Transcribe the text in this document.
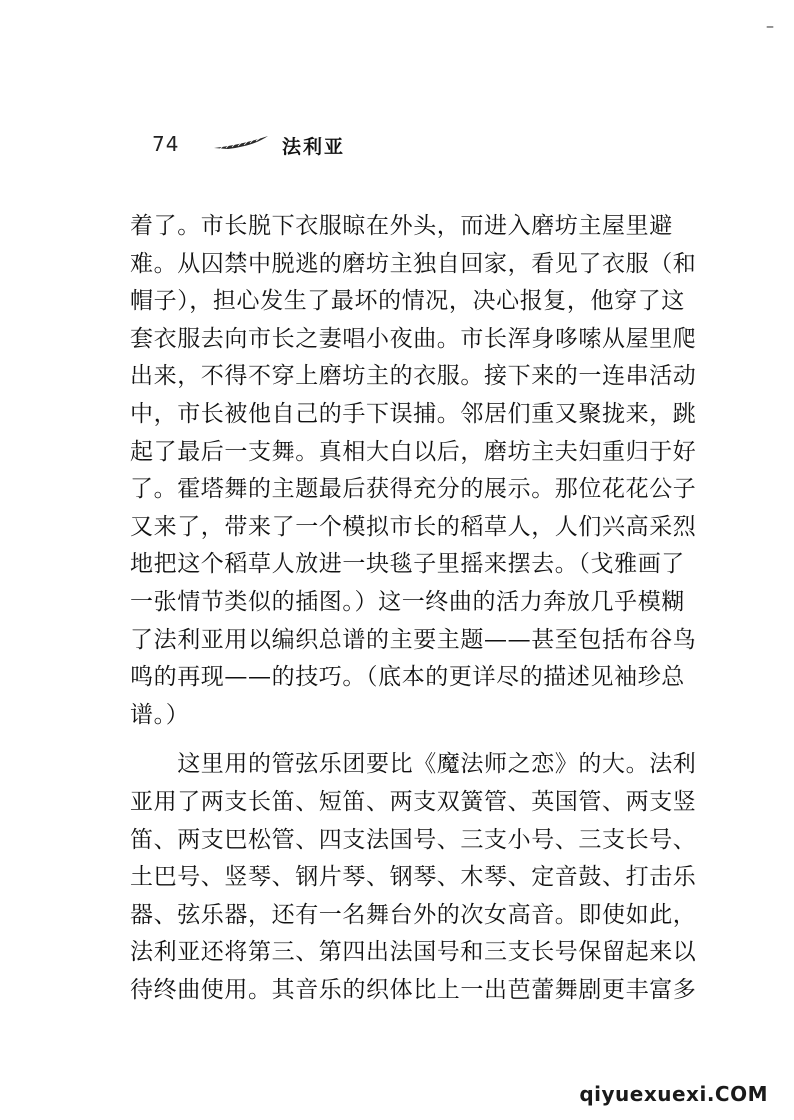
–
74	法利亚
着了。市长脱下衣服晾在外头，而进入磨坊主屋里避
难。从囚禁中脱逃的磨坊主独自回家，看见了衣服（和
帽子），担心发生了最坏的情况，决心报复，他穿了这
套衣服去向市长之妻唱小夜曲。市长浑身哆嗦从屋里爬
出来，不得不穿上磨坊主的衣服。接下来的一连串活动
中，市长被他自己的手下误捕。邻居们重又聚拢来，跳
起了最后一支舞。真相大白以后，磨坊主夫妇重归于好
了。霍塔舞的主题最后获得充分的展示。那位花花公子
又来了，带来了一个模拟市长的稻草人，人们兴高采烈
地把这个稻草人放进一块毯子里摇来摆去。（戈雅画了
一张情节类似的插图。）这一终曲的活力奔放几乎模糊
了法利亚用以编织总谱的主要主题——甚至包括布谷鸟
鸣的再现——的技巧。（底本的更详尽的描述见袖珍总
谱。）
　　这里用的管弦乐团要比《魔法师之恋》的大。法利
亚用了两支长笛、短笛、两支双簧管、英国管、两支竖
笛、两支巴松管、四支法国号、三支小号、三支长号、
土巴号、竖琴、钢片琴、钢琴、木琴、定音鼓、打击乐
器、弦乐器，还有一名舞台外的次女高音。即使如此，
法利亚还将第三、第四出法国号和三支长号保留起来以
待终曲使用。其音乐的织体比上一出芭蕾舞剧更丰富多
qiyuexuexi.COM
